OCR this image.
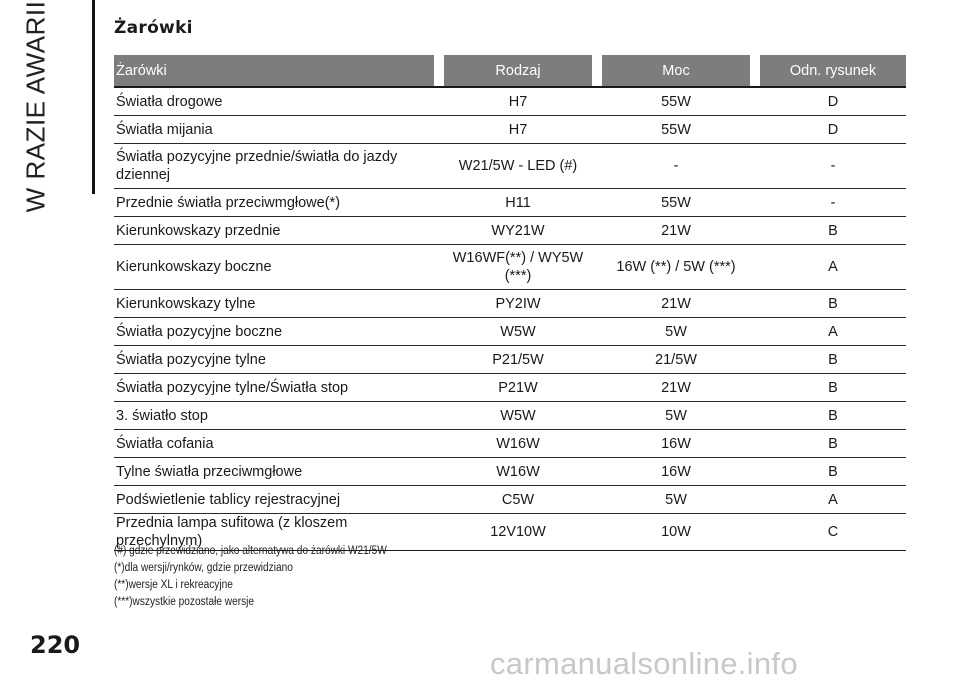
W RAZIE AWARII	Żarówki
Żarówki		Rodzaj		Moc		Odn. rysunek
Światła drogowe		H7		55W		D
Światła mijania		H7		55W		D
Światła pozycyjne przednie/światła do jazdy dziennej		W21/5W - LED (#)		-		-
Przednie światła przeciwmgłowe(*)		H11		55W		-
Kierunkowskazy przednie		WY21W		21W		B
Kierunkowskazy boczne		W16WF(**) / WY5W (***)		16W (**) / 5W (***)		A
Kierunkowskazy tylne		PY2IW		21W		B
Światła pozycyjne boczne		W5W		5W		A
Światła pozycyjne tylne		P21/5W		21/5W		B
Światła pozycyjne tylne/Światła stop		P21W		21W		B
3. światło stop		W5W		5W		B
Światła cofania		W16W		16W		B
Tylne światła przeciwmgłowe		W16W		16W		B
Podświetlenie tablicy rejestracyjnej		C5W		5W		A
Przednia lampa sufitowa (z kloszem przechylnym)		12V10W		10W		C
(#) gdzie przewidziano, jako alternatywa do żarówki W21/5W
(*)dla wersji/rynków, gdzie przewidziano
(**)wersje XL i rekreacyjne
(***)wszystkie pozostałe wersje
220
carmanualsonline.info
